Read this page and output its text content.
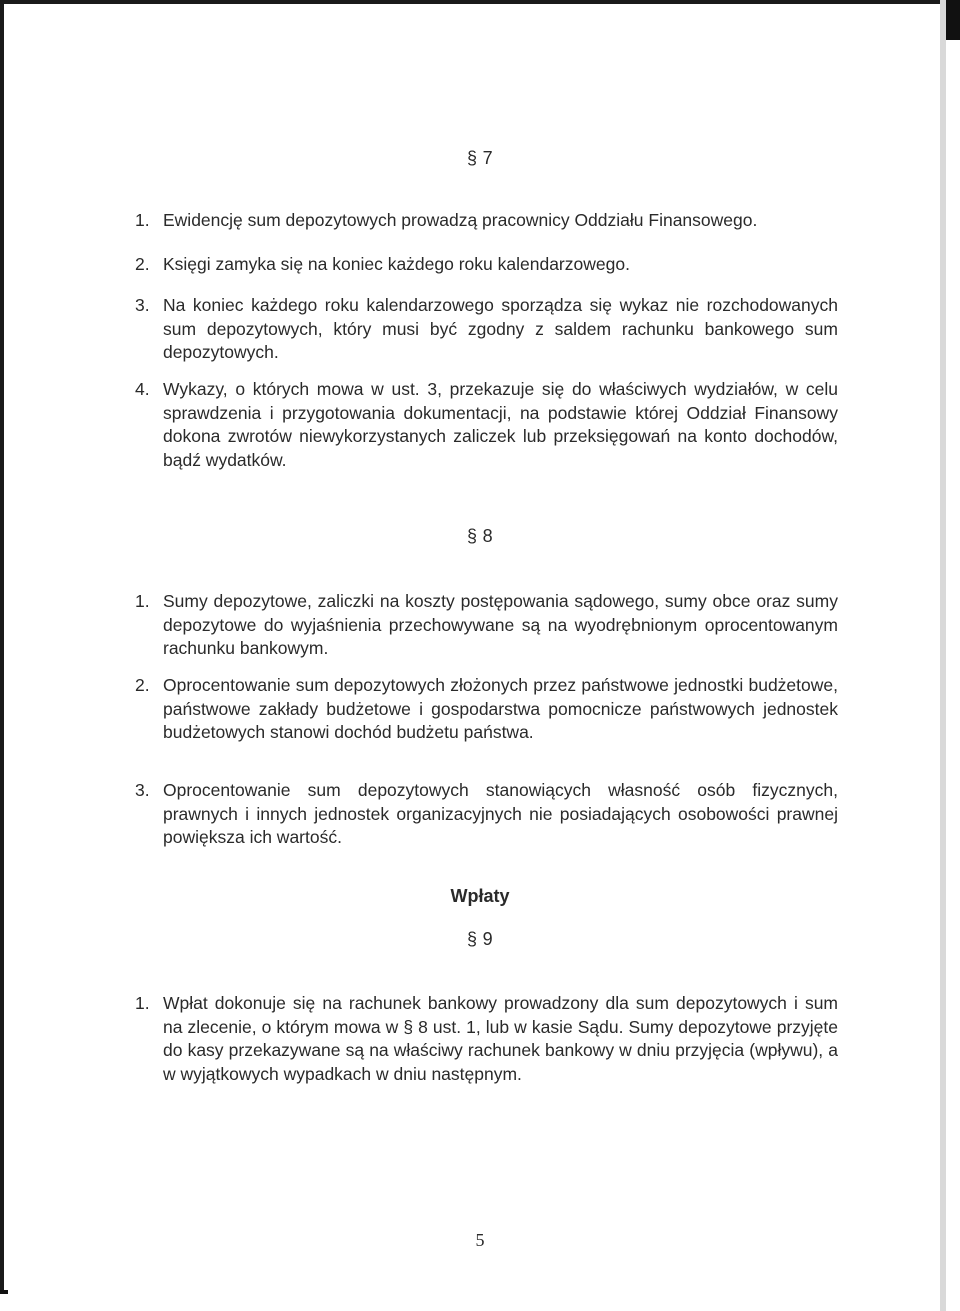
§ 7
1. Ewidencję sum depozytowych prowadzą pracownicy Oddziału Finansowego.
2. Księgi zamyka się na koniec każdego roku kalendarzowego.
3. Na koniec każdego roku kalendarzowego sporządza się wykaz nie rozchodowanych sum depozytowych, który musi być zgodny z saldem rachunku bankowego sum depozytowych.
4. Wykazy, o których mowa w ust. 3, przekazuje się do właściwych wydziałów, w celu sprawdzenia i przygotowania dokumentacji, na podstawie której Oddział Finansowy dokona zwrotów niewykorzystanych zaliczek lub przeksięgowań na konto dochodów, bądź wydatków.
§ 8
1. Sumy depozytowe, zaliczki na koszty postępowania sądowego, sumy obce oraz sumy depozytowe do wyjaśnienia przechowywane są na wyodrębnionym oprocentowanym rachunku bankowym.
2. Oprocentowanie sum depozytowych złożonych przez państwowe jednostki budżetowe, państwowe zakłady budżetowe i gospodarstwa pomocnicze państwowych jednostek budżetowych stanowi dochód budżetu państwa.
3. Oprocentowanie sum depozytowych stanowiących własność osób fizycznych, prawnych i innych jednostek organizacyjnych nie posiadających osobowości prawnej powiększa ich wartość.
Wpłaty
§ 9
1. Wpłat dokonuje się na rachunek bankowy prowadzony dla sum depozytowych i sum na zlecenie, o którym mowa w § 8 ust. 1, lub w kasie Sądu. Sumy depozytowe przyjęte do kasy przekazywane są na właściwy rachunek bankowy w dniu przyjęcia (wpływu), a w wyjątkowych wypadkach w dniu następnym.
5
